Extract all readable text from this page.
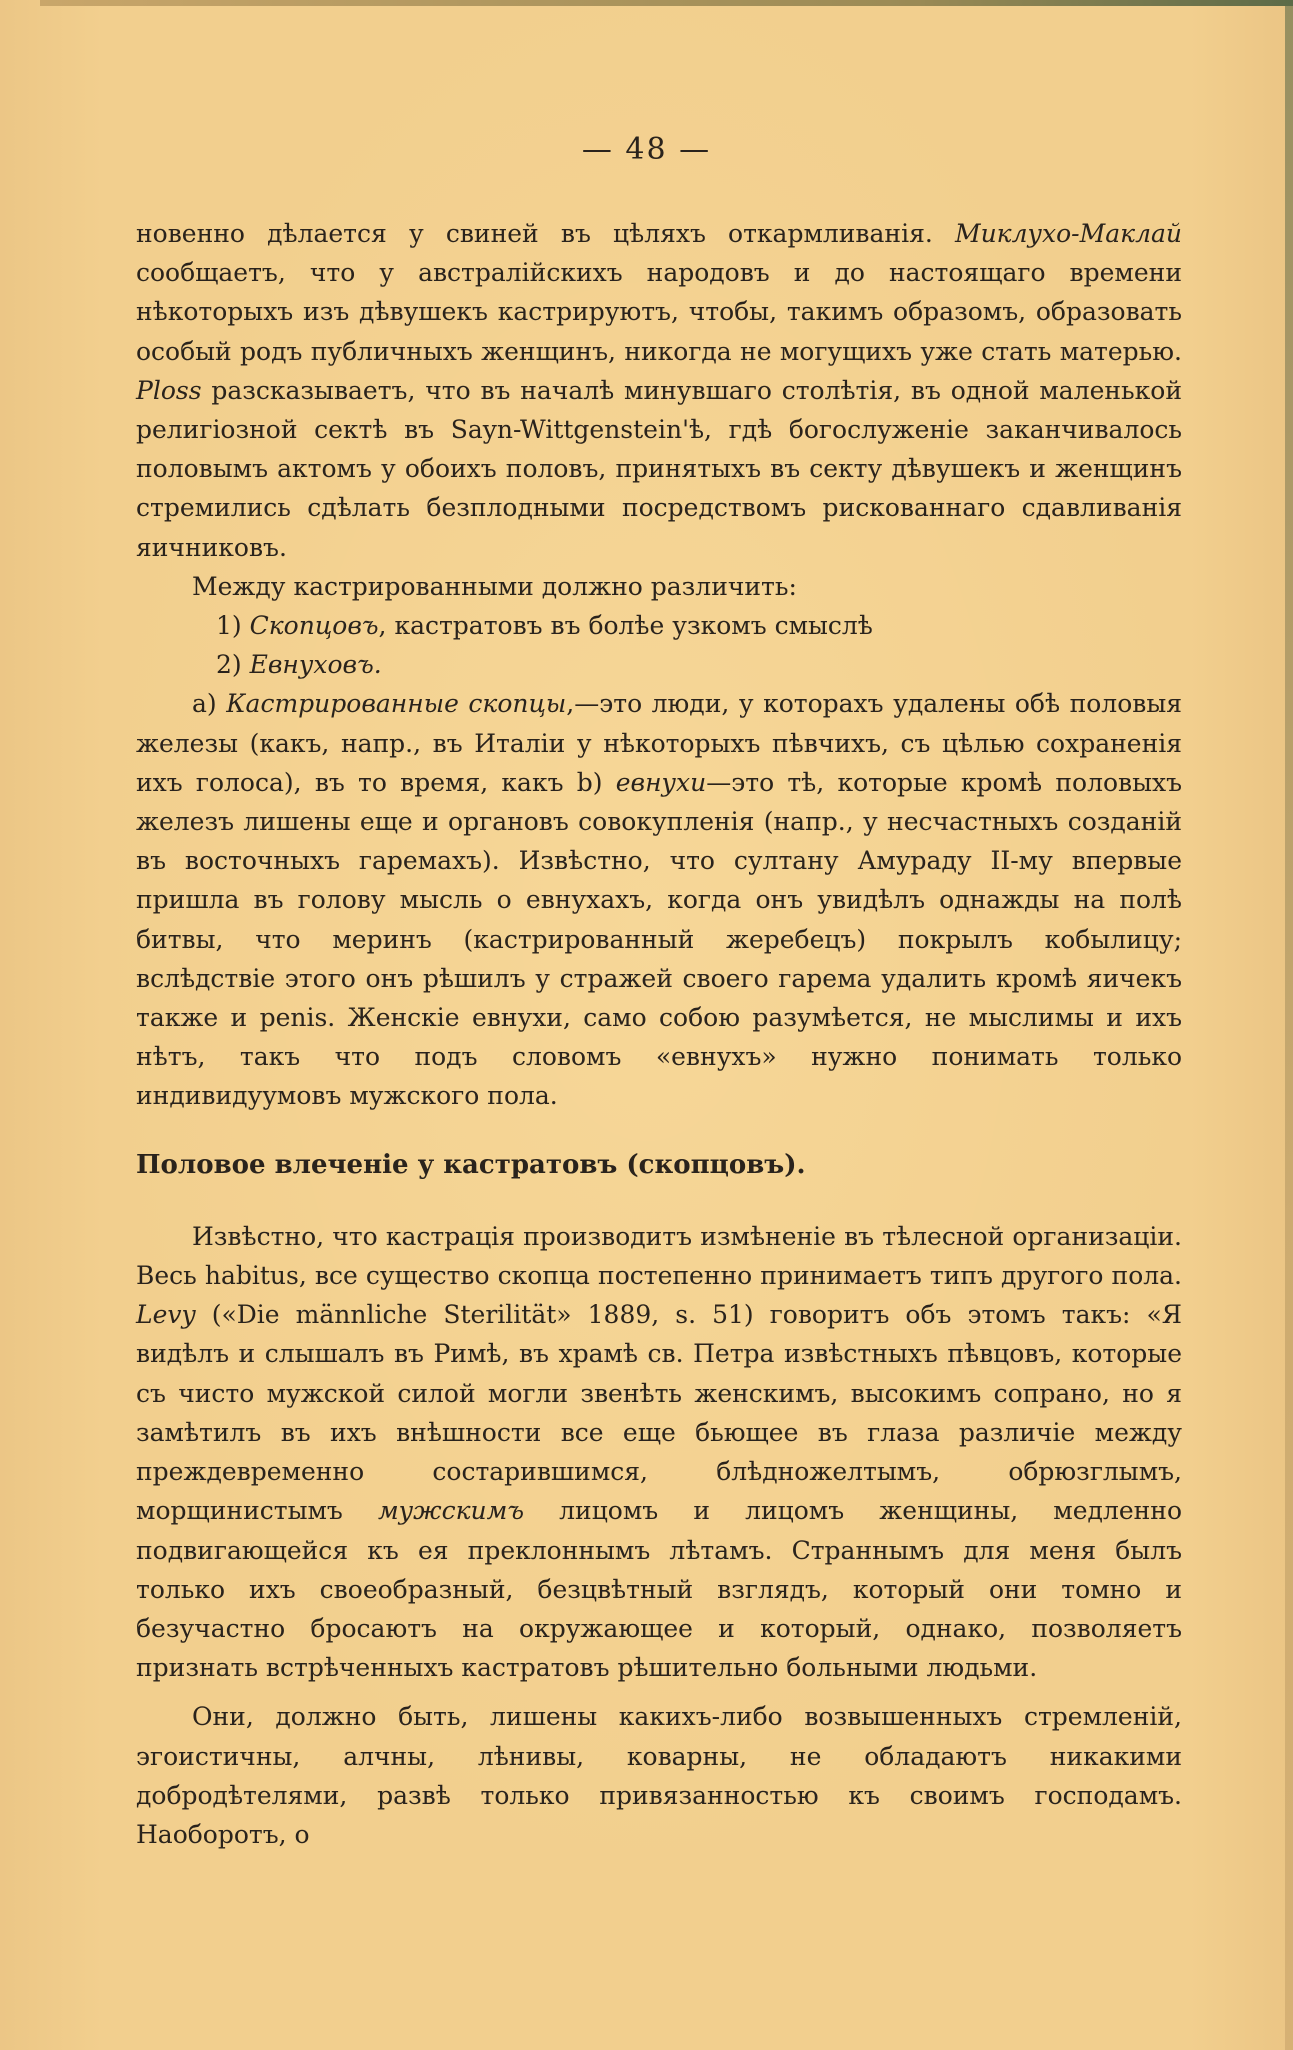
— 48 —

новенно дѣлается у свиней въ цѣляхъ откармливанія. Миклухо-Маклай сообщаетъ, что у австралійскихъ народовъ и до настоящаго времени нѣкоторыхъ изъ дѣвушекъ кастрируютъ, чтобы, такимъ образомъ, образовать особый родъ публичныхъ женщинъ, никогда не могущихъ уже стать матерью. Ploss разсказываетъ, что въ началѣ минувшаго столѣтія, въ одной маленькой религіозной сектѣ въ Sayn-Wittgenstein'ѣ, гдѣ богослуженіе заканчивалось половымъ актомъ у обоихъ половъ, принятыхъ въ секту дѣвушекъ и женщинъ стремились сдѣлать безплодными посредствомъ рискованнаго сдавливанія яичниковъ.

Между кастрированными должно различить:

1) Скопцовъ, кастратовъ въ болѣе узкомъ смыслѣ

2) Евнуховъ.

а) Кастрированные скопцы,—это люди, у которахъ удалены обѣ половыя железы (какъ, напр., въ Италіи у нѣкоторыхъ пѣвчихъ, съ цѣлью сохраненія ихъ голоса), въ то время, какъ b) евнухи—это тѣ, которые кромѣ половыхъ железъ лишены еще и органовъ совокупленія (напр., у несчастныхъ созданій въ восточныхъ гаремахъ). Извѣстно, что султану Амураду II-му впервые пришла въ голову мысль о евнухахъ, когда онъ увидѣлъ однажды на полѣ битвы, что меринъ (кастрированный жеребецъ) покрылъ кобылицу; вслѣдствіе этого онъ рѣшилъ у стражей своего гарема удалить кромѣ яичекъ также и penis. Женскіе евнухи, само собою разумѣется, не мыслимы и ихъ нѣтъ, такъ что подъ словомъ «евнухъ» нужно понимать только индивидуумовъ мужского пола.

Половое влеченіе у кастратовъ (скопцовъ).

Извѣстно, что кастрація производитъ измѣненіе въ тѣлесной организаціи. Весь habitus, все существо скопца постепенно принимаетъ типъ другого пола. Levy («Die männliche Sterilität» 1889, s. 51) говоритъ объ этомъ такъ: «Я видѣлъ и слышалъ въ Римѣ, въ храмѣ св. Петра извѣстныхъ пѣвцовъ, которые съ чисто мужской силой могли звенѣть женскимъ, высокимъ сопрано, но я замѣтилъ въ ихъ внѣшности все еще бьющее въ глаза различіе между преждевременно состарившимся, блѣдножелтымъ, обрюзглымъ, морщинистымъ мужскимъ лицомъ и лицомъ женщины, медленно подвигающейся къ ея преклоннымъ лѣтамъ. Страннымъ для меня былъ только ихъ своеобразный, безцвѣтный взглядъ, который они томно и безучастно бросаютъ на окружающее и который, однако, позволяетъ признать встрѣченныхъ кастратовъ рѣшительно больными людьми.

Они, должно быть, лишены какихъ-либо возвышенныхъ стремленій, эгоистичны, алчны, лѣнивы, коварны, не обладаютъ никакими добродѣтелями, развѣ только привязанностью къ своимъ господамъ. Наоборотъ, о
